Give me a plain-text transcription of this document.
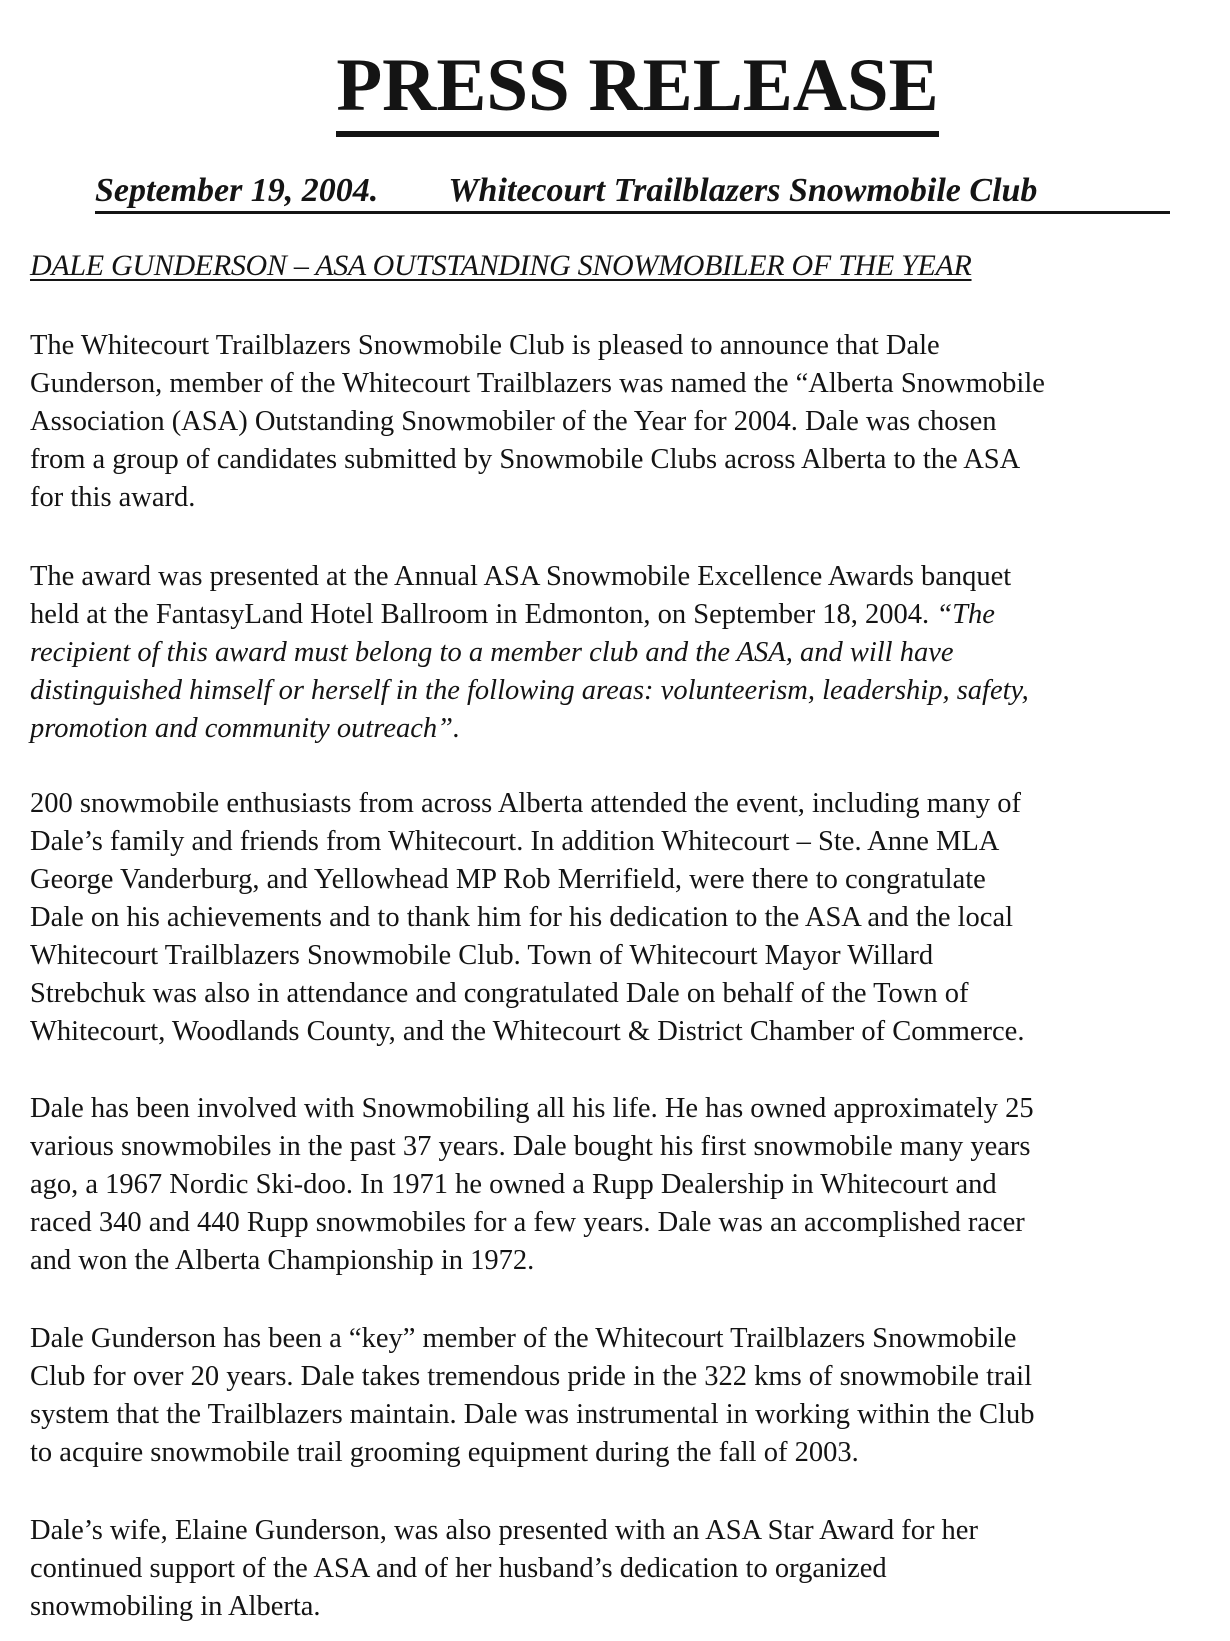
PRESS RELEASE
September 19, 2004. Whitecourt Trailblazers Snowmobile Club
DALE GUNDERSON – ASA OUTSTANDING SNOWMOBILER OF THE YEAR

The Whitecourt Trailblazers Snowmobile Club is pleased to announce that Dale
Gunderson, member of the Whitecourt Trailblazers was named the “Alberta Snowmobile
Association (ASA) Outstanding Snowmobiler of the Year for 2004. Dale was chosen
from a group of candidates submitted by Snowmobile Clubs across Alberta to the ASA
for this award.

The award was presented at the Annual ASA Snowmobile Excellence Awards banquet
held at the FantasyLand Hotel Ballroom in Edmonton, on September 18, 2004. “The
recipient of this award must belong to a member club and the ASA, and will have
distinguished himself or herself in the following areas: volunteerism, leadership, safety,
promotion and community outreach”.

200 snowmobile enthusiasts from across Alberta attended the event, including many of
Dale’s family and friends from Whitecourt. In addition Whitecourt – Ste. Anne MLA
George Vanderburg, and Yellowhead MP Rob Merrifield, were there to congratulate
Dale on his achievements and to thank him for his dedication to the ASA and the local
Whitecourt Trailblazers Snowmobile Club. Town of Whitecourt Mayor Willard
Strebchuk was also in attendance and congratulated Dale on behalf of the Town of
Whitecourt, Woodlands County, and the Whitecourt & District Chamber of Commerce.

Dale has been involved with Snowmobiling all his life. He has owned approximately 25
various snowmobiles in the past 37 years. Dale bought his first snowmobile many years
ago, a 1967 Nordic Ski-doo. In 1971 he owned a Rupp Dealership in Whitecourt and
raced 340 and 440 Rupp snowmobiles for a few years. Dale was an accomplished racer
and won the Alberta Championship in 1972.

Dale Gunderson has been a “key” member of the Whitecourt Trailblazers Snowmobile
Club for over 20 years. Dale takes tremendous pride in the 322 kms of snowmobile trail
system that the Trailblazers maintain. Dale was instrumental in working within the Club
to acquire snowmobile trail grooming equipment during the fall of 2003.

Dale’s wife, Elaine Gunderson, was also presented with an ASA Star Award for her
continued support of the ASA and of her husband’s dedication to organized
snowmobiling in Alberta.
